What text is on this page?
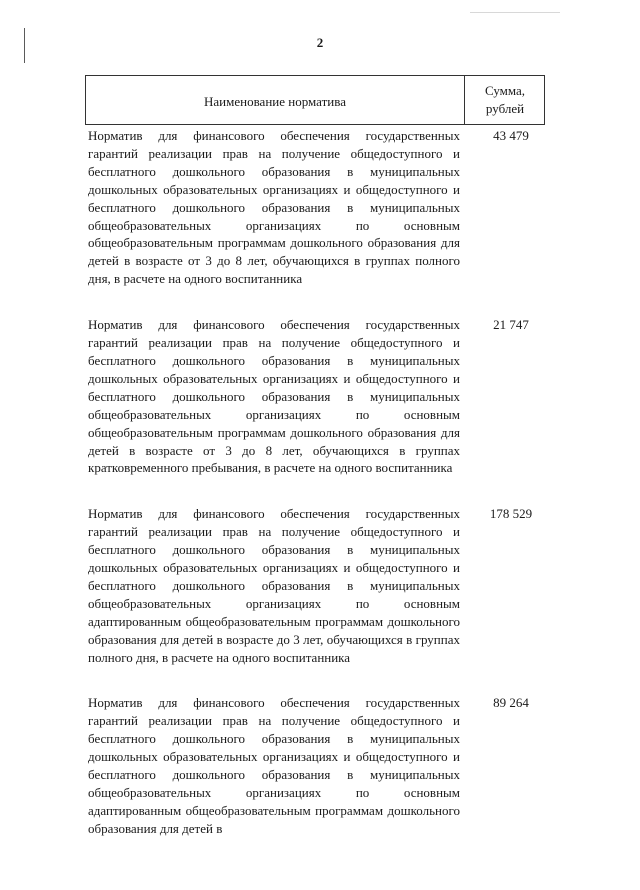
2
Наименование норматива
Сумма,
рублей
Норматив для финансового обеспечения государственных гарантий реализации прав на получение общедоступного и бесплатного дошкольного образования в муниципальных дошкольных образовательных организациях и общедоступного и бесплатного дошкольного образования в муниципальных общеобразовательных организациях по основным общеобразовательным программам дошкольного образования для детей в возрасте от 3 до 8 лет, обучающихся в группах полного дня, в расчете на одного воспитанника
43 479
Норматив для финансового обеспечения государственных гарантий реализации прав на получение общедоступного и бесплатного дошкольного образования в муниципальных дошкольных образовательных организациях и общедоступного и бесплатного дошкольного образования в муниципальных общеобразовательных организациях по основным общеобразовательным программам дошкольного образования для детей в возрасте от 3 до 8 лет, обучающихся в группах кратковременного пребывания, в расчете на одного воспитанника
21 747
Норматив для финансового обеспечения государственных гарантий реализации прав на получение общедоступного и бесплатного дошкольного образования в муниципальных дошкольных образовательных организациях и общедоступного и бесплатного дошкольного образования в муниципальных общеобразовательных организациях по основным адаптированным общеобразовательным программам дошкольного образования для детей в возрасте до 3 лет, обучающихся в группах полного дня, в расчете на одного воспитанника
178 529
Норматив для финансового обеспечения государственных гарантий реализации прав на получение общедоступного и бесплатного дошкольного образования в муниципальных дошкольных образовательных организациях и общедоступного и бесплатного дошкольного образования в муниципальных общеобразовательных организациях по основным адаптированным общеобразовательным программам дошкольного образования для детей в
89 264
